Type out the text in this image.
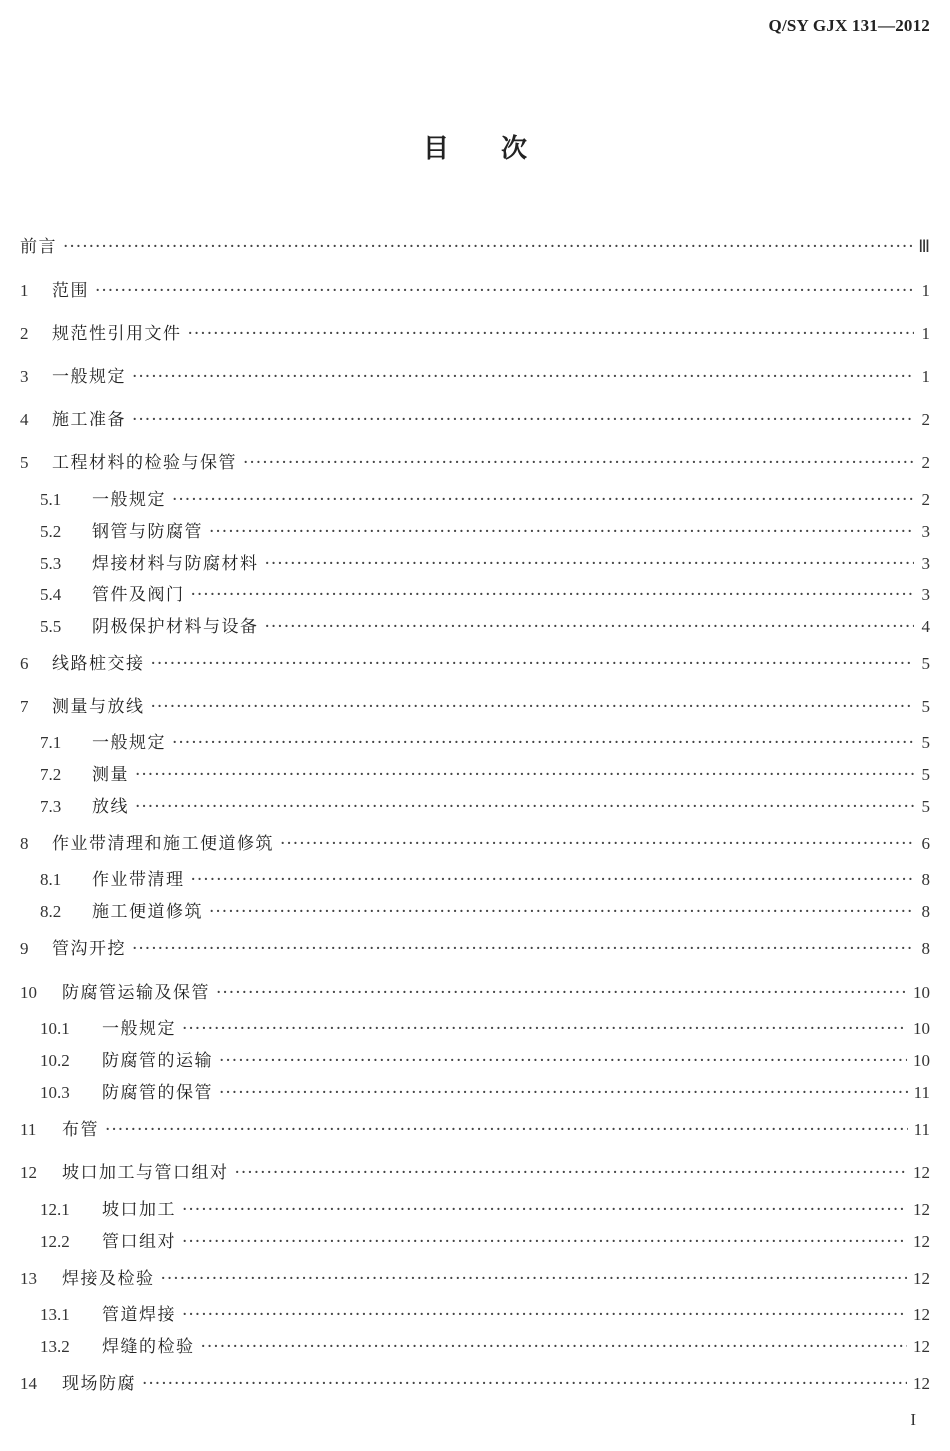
Q/SY GJX 131—2012
目 次
前言 ·····	Ⅲ
1	范围 ·····	1
2	规范性引用文件 ·····	1
3	一般规定 ·····	1
4	施工准备 ·····	2
5	工程材料的检验与保管 ·····	2
5.1	一般规定 ·····	2
5.2	钢管与防腐管 ·····	3
5.3	焊接材料与防腐材料 ·····	3
5.4	管件及阀门 ·····	3
5.5	阴极保护材料与设备 ·····	4
6	线路桩交接 ·····	5
7	测量与放线 ·····	5
7.1	一般规定 ·····	5
7.2	测量 ·····	5
7.3	放线 ·····	5
8	作业带清理和施工便道修筑 ·····	6
8.1	作业带清理 ·····	8
8.2	施工便道修筑 ·····	8
9	管沟开挖 ·····	8
10	防腐管运输及保管 ·····	10
10.1	一般规定 ·····	10
10.2	防腐管的运输 ·····	10
10.3	防腐管的保管 ·····	11
11	布管 ·····	11
12	坡口加工与管口组对 ·····	12
12.1	坡口加工 ·····	12
12.2	管口组对 ·····	12
13	焊接及检验 ·····	12
13.1	管道焊接 ·····	12
13.2	焊缝的检验 ·····	12
14	现场防腐 ·····	12
I
